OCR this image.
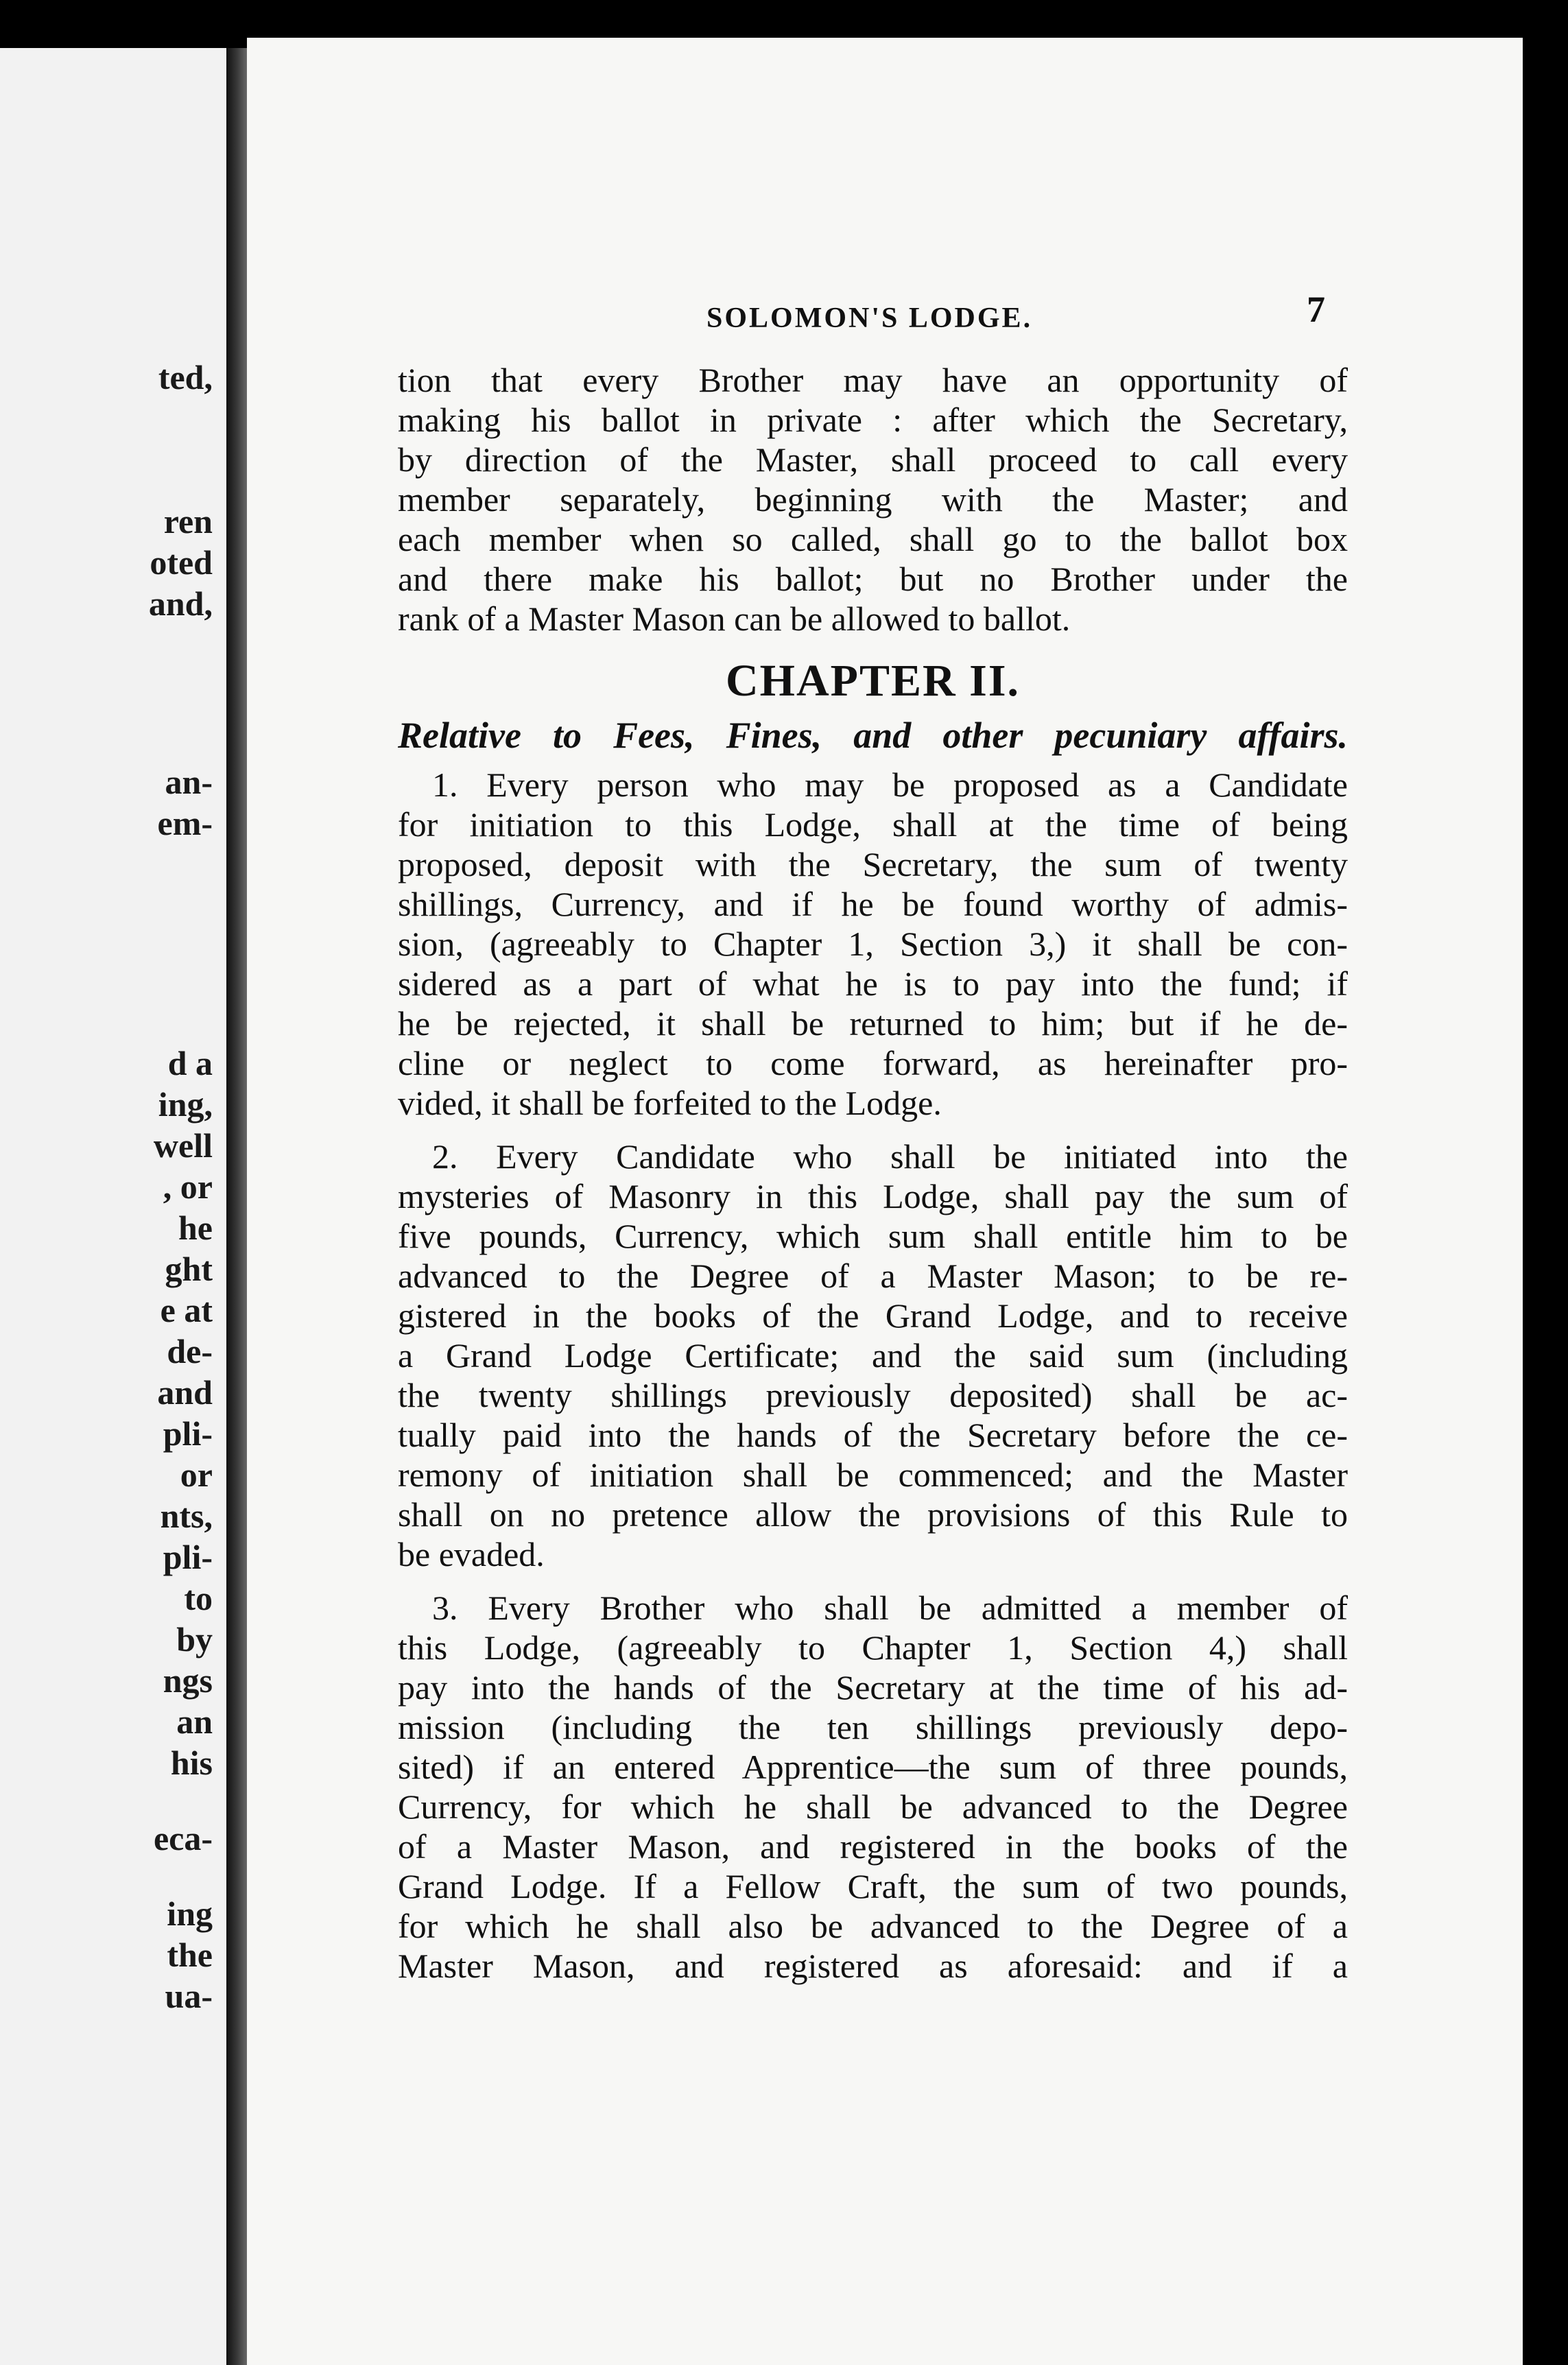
ted,
ren
oted
and,
an-
em-
d a
ing,
well
, or
he
ght
e at
de-
and
pli-
or
nts,
pli-
to
by
ngs
an
his
eca-
ing
the
ua-
SOLOMON'S LODGE.	7
tion that every Brother may have an opportunity of
making his ballot in private : after which the Secretary,
by direction of the Master, shall proceed to call every
member separately, beginning with the Master; and
each member when so called, shall go to the ballot box
and there make his ballot; but no Brother under the
rank of a Master Mason can be allowed to ballot.
CHAPTER II.
Relative to Fees, Fines, and other pecuniary affairs.
1. Every person who may be proposed as a Candidate
for initiation to this Lodge, shall at the time of being
proposed, deposit with the Secretary, the sum of twenty
shillings, Currency, and if he be found worthy of admis-
sion, (agreeably to Chapter 1, Section 3,) it shall be con-
sidered as a part of what he is to pay into the fund; if
he be rejected, it shall be returned to him; but if he de-
cline or neglect to come forward, as hereinafter pro-
vided, it shall be forfeited to the Lodge.
2. Every Candidate who shall be initiated into the
mysteries of Masonry in this Lodge, shall pay the sum of
five pounds, Currency, which sum shall entitle him to be
advanced to the Degree of a Master Mason; to be re-
gistered in the books of the Grand Lodge, and to receive
a Grand Lodge Certificate; and the said sum (including
the twenty shillings previously deposited) shall be ac-
tually paid into the hands of the Secretary before the ce-
remony of initiation shall be commenced; and the Master
shall on no pretence allow the provisions of this Rule to
be evaded.
3. Every Brother who shall be admitted a member of
this Lodge, (agreeably to Chapter 1, Section 4,) shall
pay into the hands of the Secretary at the time of his ad-
mission (including the ten shillings previously depo-
sited) if an entered Apprentice—the sum of three pounds,
Currency, for which he shall be advanced to the Degree
of a Master Mason, and registered in the books of the
Grand Lodge. If a Fellow Craft, the sum of two pounds,
for which he shall also be advanced to the Degree of a
Master Mason, and registered as aforesaid: and if a
